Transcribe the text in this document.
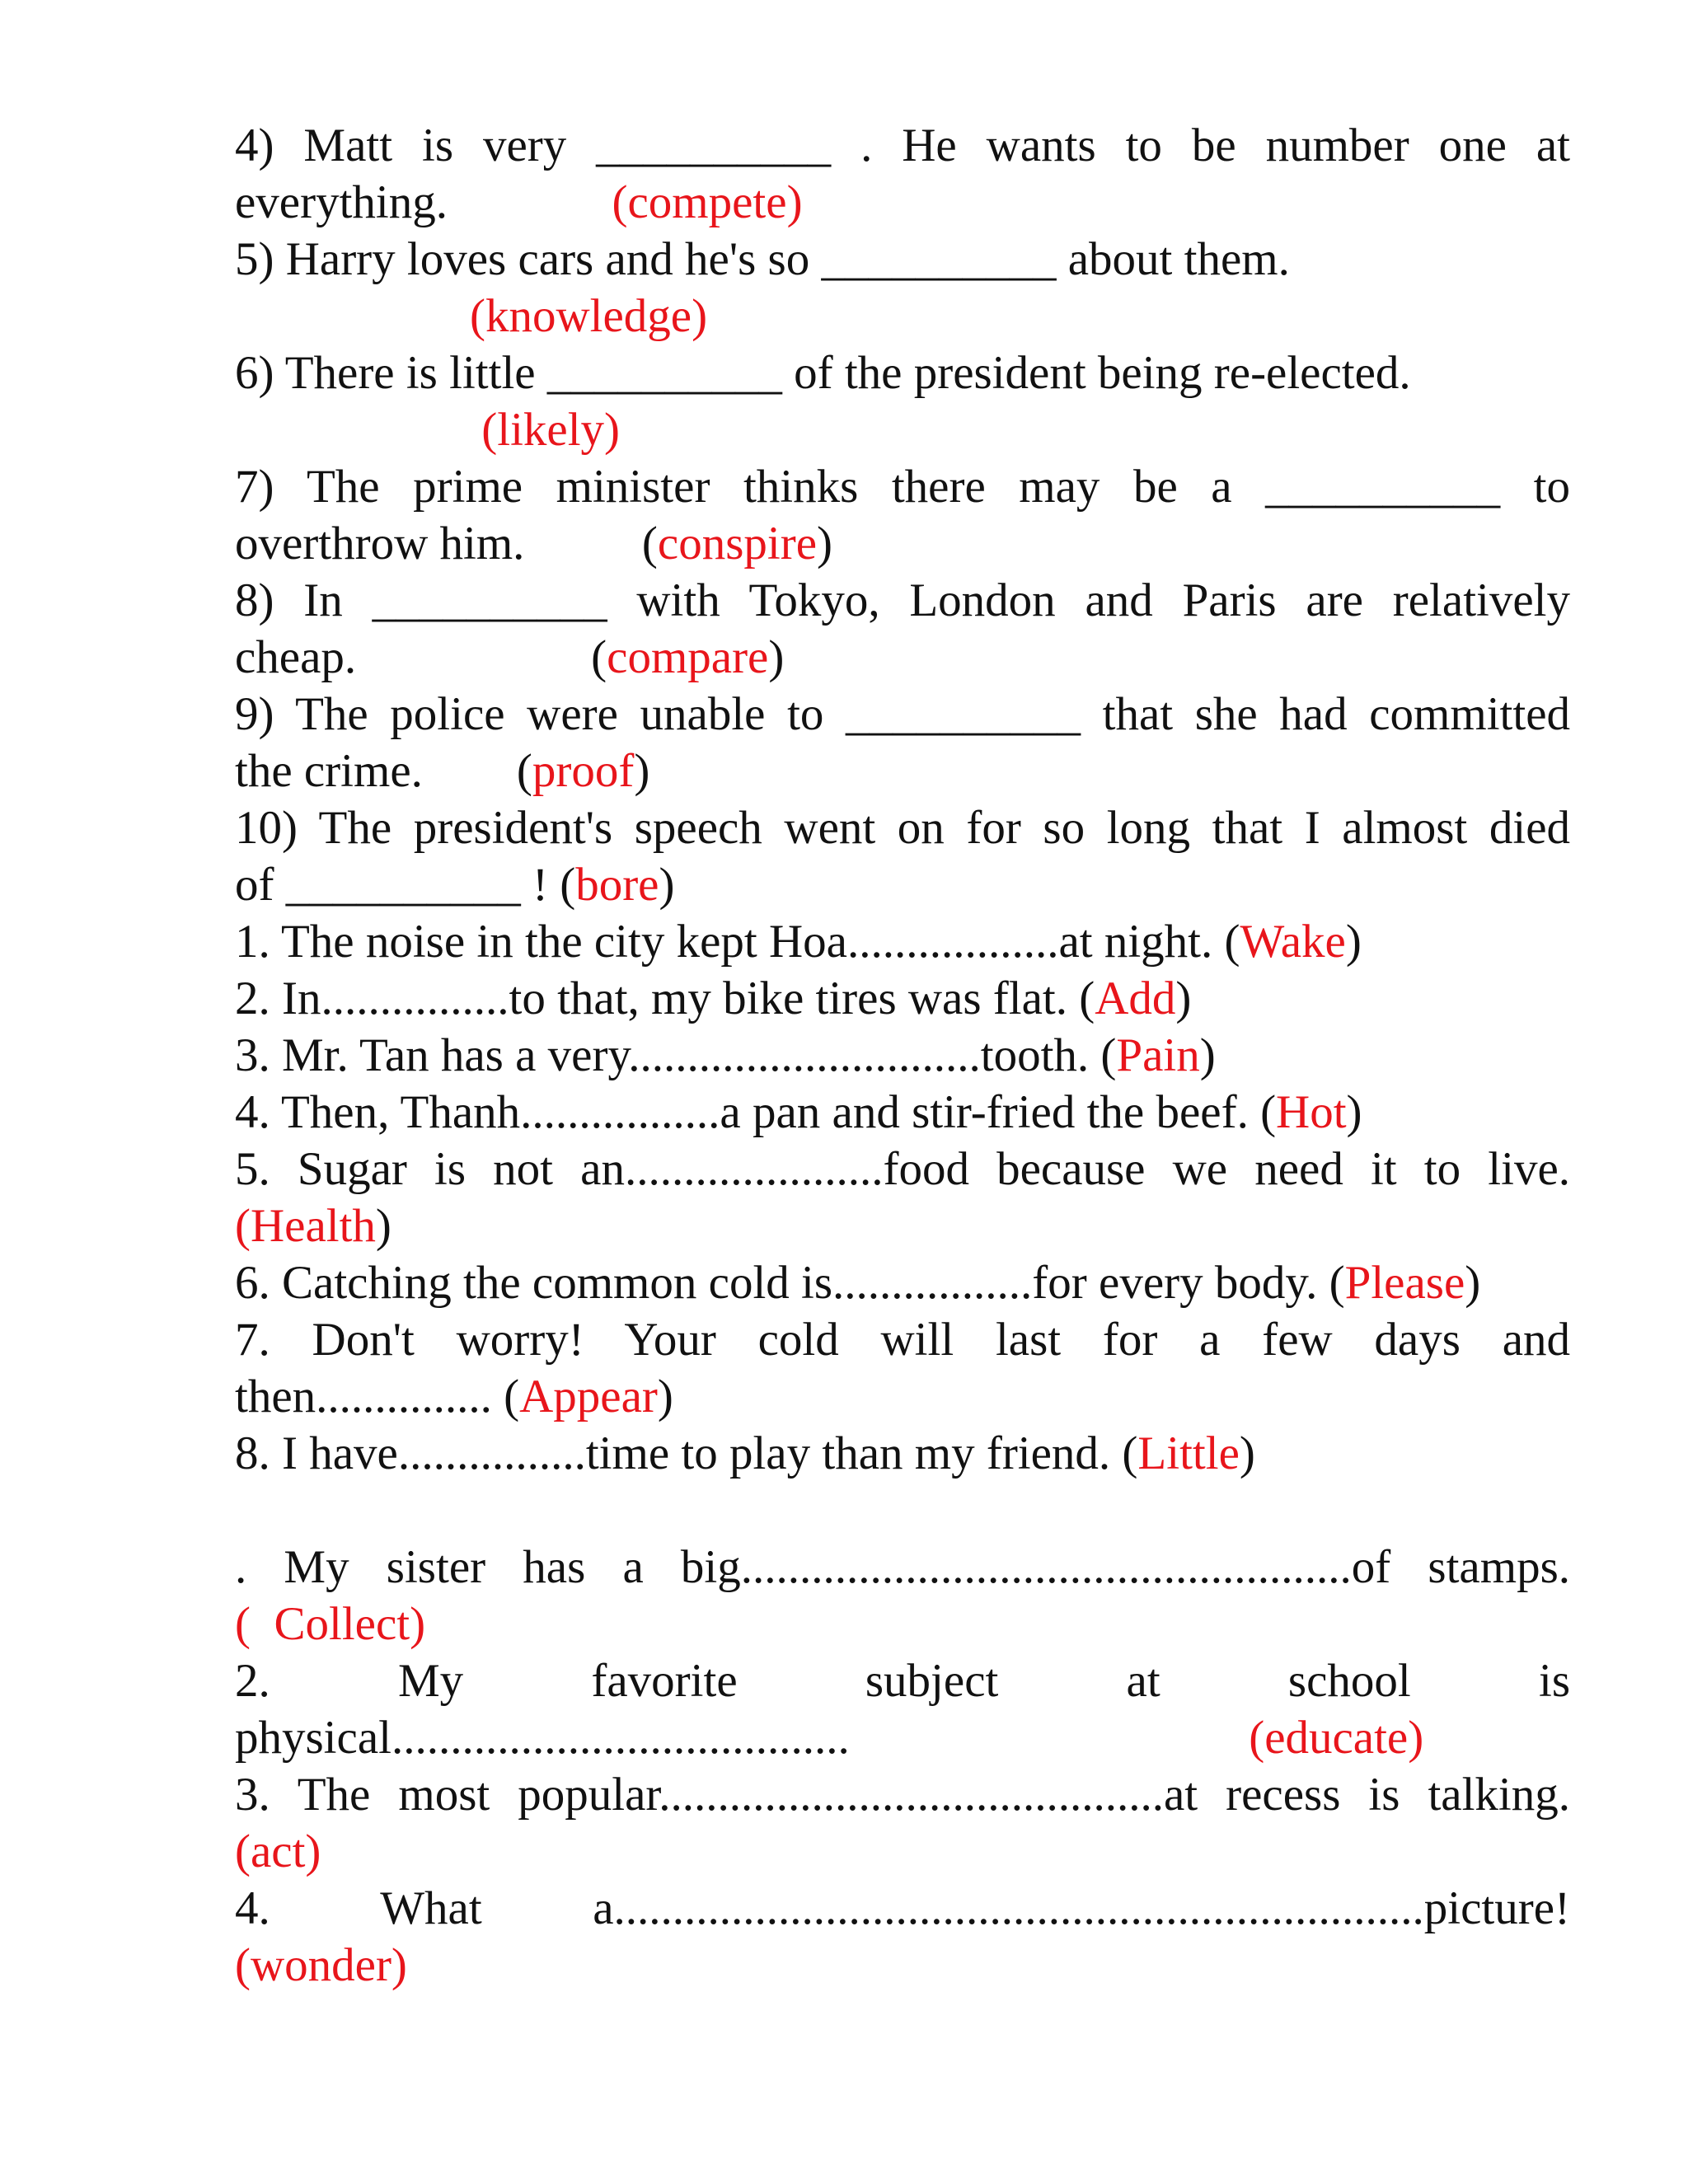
4) Matt is very __________ . He wants to be number one at
everything.              (compete)
5) Harry loves cars and he's so __________ about them.
(knowledge)
6) There is little __________ of the president being re-elected.
(likely)
7) The prime minister thinks there may be a __________ to
overthrow him.          (conspire)
8) In __________ with Tokyo, London and Paris are relatively
cheap.                    (compare)
9) The police were unable to __________ that she had committed
the crime.        (proof)
10) The president's speech went on for so long that I almost died
of __________ ! (bore)
1. The noise in the city kept Hoa..................at night. (Wake)
2. In................to that, my bike tires was flat. (Add)
3. Mr. Tan has a very..............................tooth. (Pain)
4. Then, Thanh.................a pan and stir-fried the beef. (Hot)
5. Sugar is not an......................food because we need it to live.
(Health)
6. Catching the common cold is.................for every body. (Please)
7. Don't worry! Your cold will last for a few days and
then............... (Appear)
8. I have................time to play than my friend. (Little)
. My sister has a big....................................................of stamps.
(  Collect)
2. My favorite subject at school is
physical.......................................                                  (educate)
3. The most popular...........................................at recess is talking.
(act)
4. What a.....................................................................picture!
(wonder)
